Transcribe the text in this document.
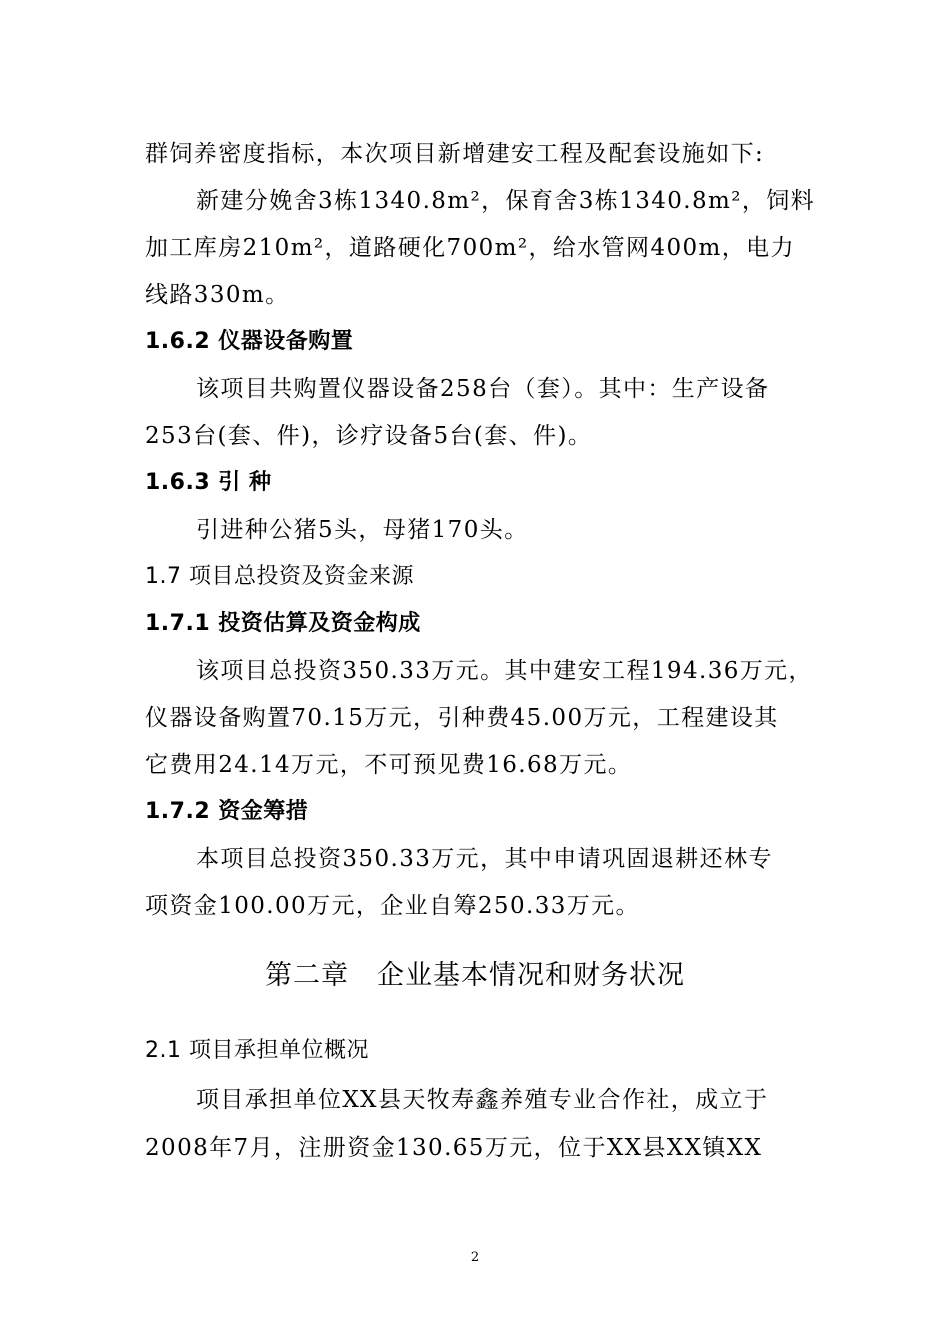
群饲养密度指标，本次项目新增建安工程及配套设施如下:
新建分娩舍3栋1340.8m²，保育舍3栋1340.8m²，饲料
加工库房210m²，道路硬化700m²，给水管网400m，电力
线路330m。
1.6.2 仪器设备购置
该项目共购置仪器设备258台（套）。其中：生产设备
253台(套、件)，诊疗设备5台(套、件)。
1.6.3 引 种
引进种公猪5头，母猪170头。
1.7 项目总投资及资金来源
1.7.1 投资估算及资金构成
该项目总投资350.33万元。其中建安工程194.36万元，
仪器设备购置70.15万元，引种费45.00万元，工程建设其
它费用24.14万元，不可预见费16.68万元。
1.7.2 资金筹措
本项目总投资350.33万元，其中申请巩固退耕还林专
项资金100.00万元，企业自筹250.33万元。
第二章　企业基本情况和财务状况
2.1 项目承担单位概况
项目承担单位XX县天牧寿鑫养殖专业合作社，成立于
2008年7月，注册资金130.65万元，位于XX县XX镇XX
2
